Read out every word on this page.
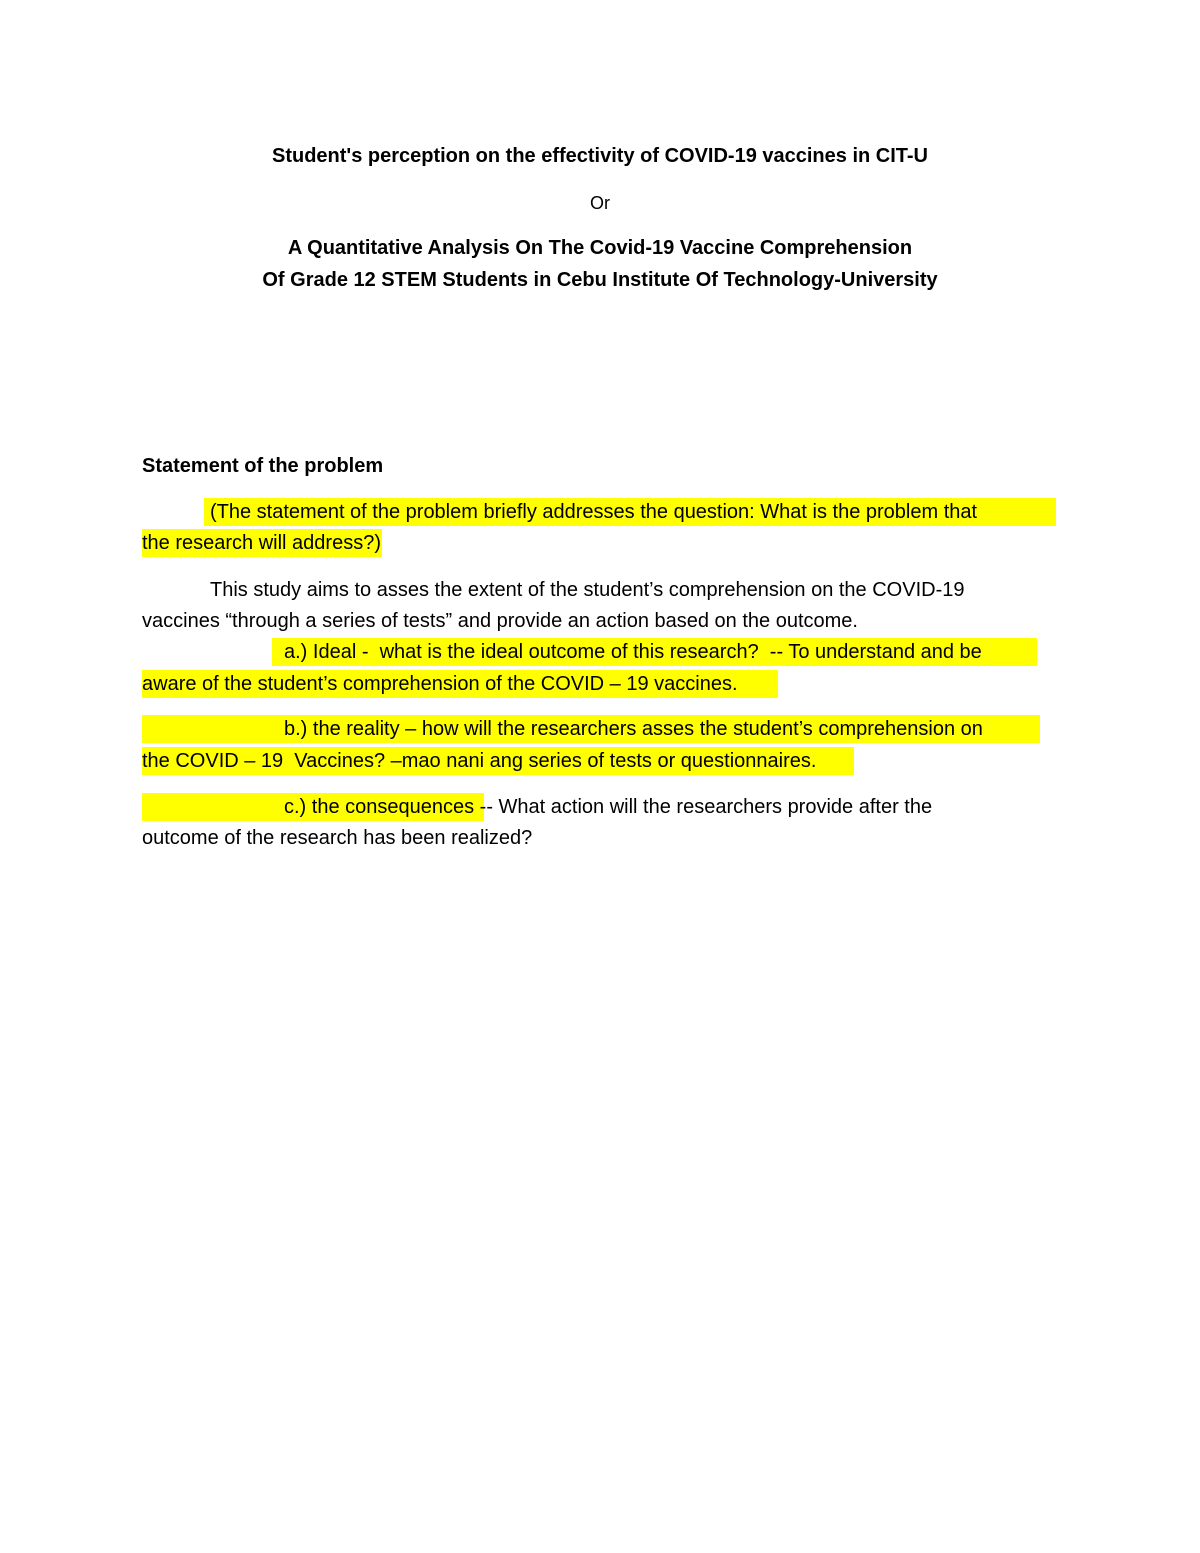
Student's perception on the effectivity of COVID-19 vaccines in CIT-U
Or
A Quantitative Analysis On The Covid-19 Vaccine Comprehension
Of Grade 12 STEM Students in Cebu Institute Of Technology-University
Statement of the problem
(The statement of the problem briefly addresses the question: What is the problem that
the research will address?)
This study aims to asses the extent of the student’s comprehension on the COVID-19
vaccines “through a series of tests” and provide an action based on the outcome.
a.) Ideal -  what is the ideal outcome of this research?  -- To understand and be
aware of the student’s comprehension of the COVID – 19 vaccines.
b.) the reality – how will the researchers asses the student’s comprehension on
the COVID – 19  Vaccines? –mao nani ang series of tests or questionnaires.
c.) the consequences -- What action will the researchers provide after the
outcome of the research has been realized?
